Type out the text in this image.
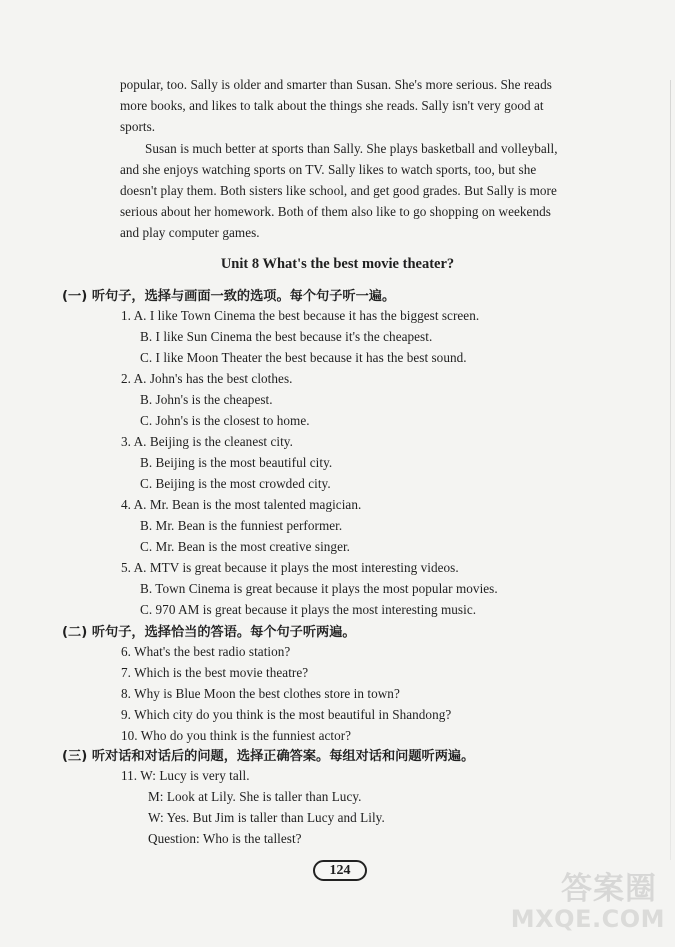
popular, too. Sally is older and smarter than Susan. She's more serious. She reads
more books, and likes to talk about the things she reads. Sally isn't very good at
sports.
Susan is much better at sports than Sally. She plays basketball and volleyball,
and she enjoys watching sports on TV. Sally likes to watch sports, too, but she
doesn't play them. Both sisters like school, and get good grades. But Sally is more
serious about her homework. Both of them also like to go shopping on weekends
and play computer games.
Unit 8 What's the best movie theater?
(一) 听句子，选择与画面一致的选项。每个句子听一遍。
1. A. I like Town Cinema the best because it has the biggest screen.
B. I like Sun Cinema the best because it's the cheapest.
C. I like Moon Theater the best because it has the best sound.
2. A. John's has the best clothes.
B. John's is the cheapest.
C. John's is the closest to home.
3. A. Beijing is the cleanest city.
B. Beijing is the most beautiful city.
C. Beijing is the most crowded city.
4. A. Mr. Bean is the most talented magician.
B. Mr. Bean is the funniest performer.
C. Mr. Bean is the most creative singer.
5. A. MTV is great because it plays the most interesting videos.
B. Town Cinema is great because it plays the most popular movies.
C. 970 AM is great because it plays the most interesting music.
(二) 听句子，选择恰当的答语。每个句子听两遍。
6. What's the best radio station?
7. Which is the best movie theatre?
8. Why is Blue Moon the best clothes store in town?
9. Which city do you think is the most beautiful in Shandong?
10. Who do you think is the funniest actor?
(三) 听对话和对话后的问题，选择正确答案。每组对话和问题听两遍。
11. W: Lucy is very tall.
M: Look at Lily. She is taller than Lucy.
W: Yes. But Jim is taller than Lucy and Lily.
Question: Who is the tallest?
124
答案圈
MXQE.COM
